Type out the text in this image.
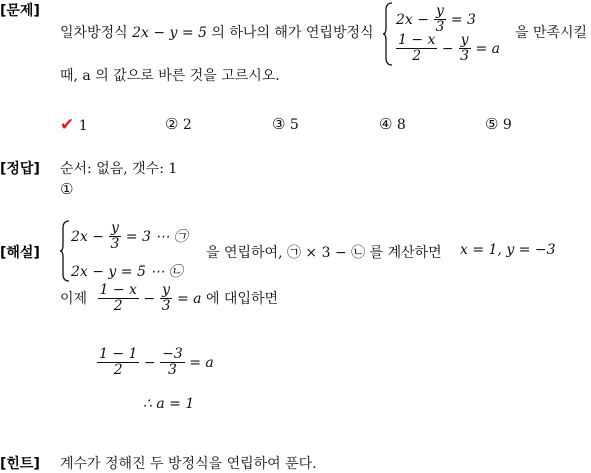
[문제]
일차방정식 2x − y = 5 의 하나의 해가 연립방정식
$2x - \frac{y}{3} = 3$
$\frac{1 - x}{2} - \frac{y}{3} = a$
을 만족시킬
때, a 의 값으로 바른 것을 고르시오.
✔ 1	② 2	③ 5	④ 8	⑤ 9
[정답] 순서: 없음, 갯수: 1
①
[해설]
$2x - \frac{y}{3} = 3$ ⋯ ㉠
2x − y = 5 ⋯ ㉡
을 연립하여, ㉠ × 3 − ㉡ 를 계산하면 x = 1, y = −3
이제 $\frac{1 - x}{2} - \frac{y}{3} = a$ 에 대입하면
$\frac{1 - 1}{2} - \frac{-3}{3} = a$
∴ a = 1
[힌트] 계수가 정해진 두 방정식을 연립하여 푼다.
